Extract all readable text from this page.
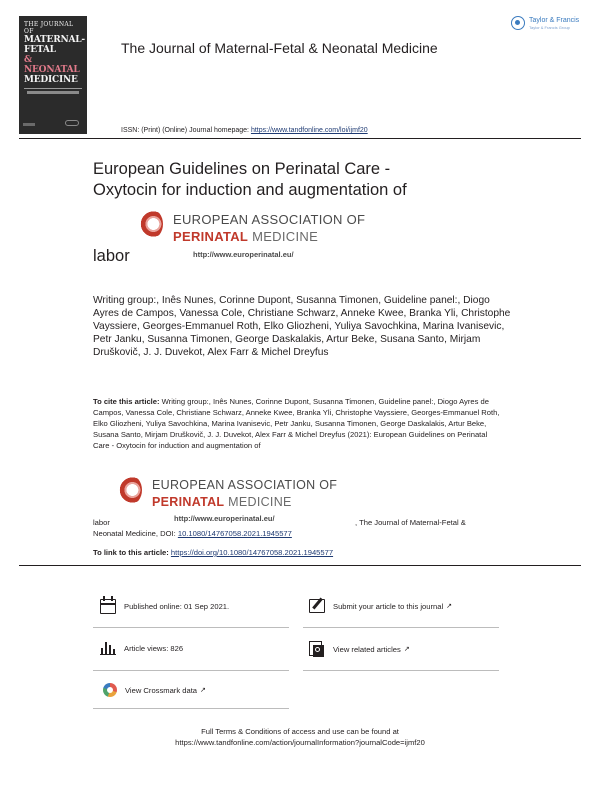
THE JOURNAL OF
MATERNAL-FETAL
& NEONATAL
MEDICINE
The Journal of Maternal-Fetal & Neonatal Medicine
Taylor & Francis
Taylor & Francis Group
ISSN: (Print) (Online) Journal homepage: https://www.tandfonline.com/loi/ijmf20
European Guidelines on Perinatal Care -
Oxytocin for induction and augmentation of
EUROPEAN ASSOCIATION OF
PERINATAL MEDICINE
http://www.europerinatal.eu/
labor
Writing group:, Inês Nunes, Corinne Dupont, Susanna Timonen, Guideline panel:, Diogo Ayres de Campos, Vanessa Cole, Christiane Schwarz, Anneke Kwee, Branka Yli, Christophe Vayssiere, Georges-Emmanuel Roth, Elko Gliozheni, Yuliya Savochkina, Marina Ivanisevic, Petr Janku, Susanna Timonen, George Daskalakis, Artur Beke, Susana Santo, Mirjam Druškovič, J. J. Duvekot, Alex Farr & Michel Dreyfus
To cite this article: Writing group:, Inês Nunes, Corinne Dupont, Susanna Timonen, Guideline panel:, Diogo Ayres de Campos, Vanessa Cole, Christiane Schwarz, Anneke Kwee, Branka Yli, Christophe Vayssiere, Georges-Emmanuel Roth, Elko Gliozheni, Yuliya Savochkina, Marina Ivanisevic, Petr Janku, Susanna Timonen, George Daskalakis, Artur Beke, Susana Santo, Mirjam Druškovič, J. J. Duvekot, Alex Farr & Michel Dreyfus (2021): European Guidelines on Perinatal Care - Oxytocin for induction and augmentation of
EUROPEAN ASSOCIATION OF
PERINATAL MEDICINE
http://www.europerinatal.eu/
labor	, The Journal of Maternal-Fetal &
Neonatal Medicine, DOI: 10.1080/14767058.2021.1945577
To link to this article: https://doi.org/10.1080/14767058.2021.1945577
Published online: 01 Sep 2021.	Submit your article to this journal ↗
Article views: 826	View related articles ↗
View Crossmark data ↗
Full Terms & Conditions of access and use can be found at
https://www.tandfonline.com/action/journalInformation?journalCode=ijmf20
